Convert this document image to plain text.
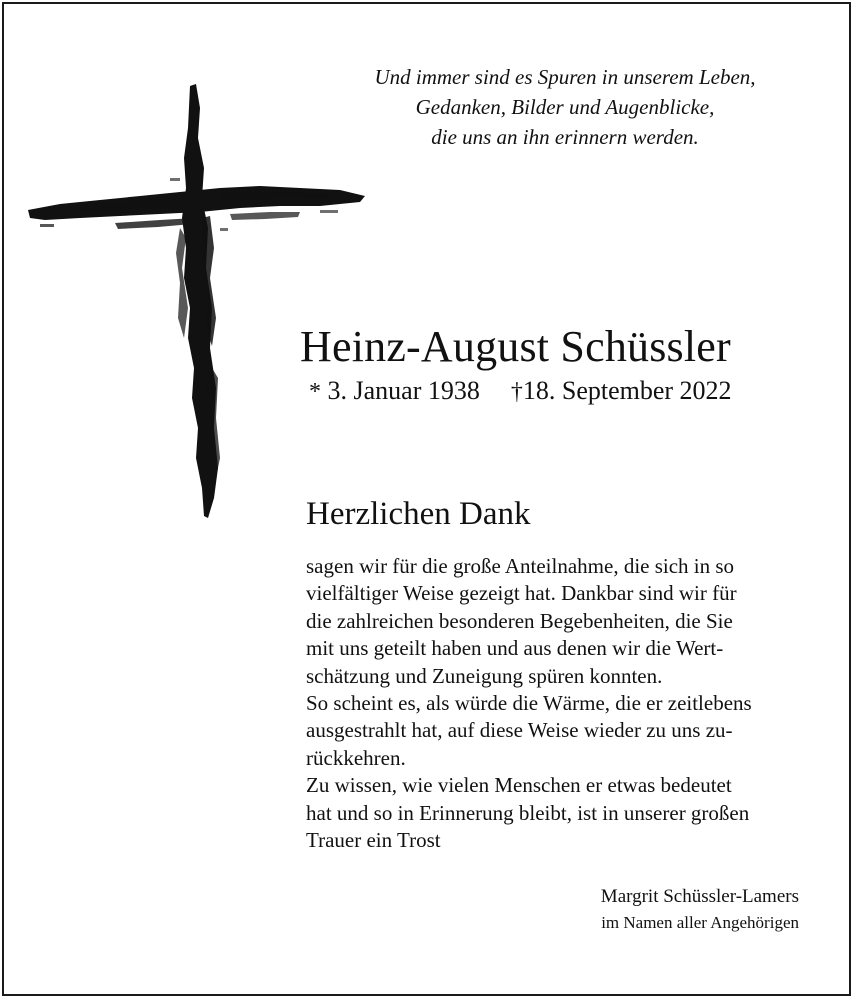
Und immer sind es Spuren in unserem Leben,
Gedanken, Bilder und Augenblicke,
die uns an ihn erinnern werden.
Heinz-August Schüssler
* 3. Januar 1938 †18. September 2022
Herzlichen Dank
sagen wir für die große Anteilnahme, die sich in so
vielfältiger Weise gezeigt hat. Dankbar sind wir für
die zahlreichen besonderen Begebenheiten, die Sie
mit uns geteilt haben und aus denen wir die Wert-
schätzung und Zuneigung spüren konnten.
So scheint es, als würde die Wärme, die er zeitlebens
ausgestrahlt hat, auf diese Weise wieder zu uns zu-
rückkehren.
Zu wissen, wie vielen Menschen er etwas bedeutet
hat und so in Erinnerung bleibt, ist in unserer großen
Trauer ein Trost
Margrit Schüssler-Lamers
im Namen aller Angehörigen
